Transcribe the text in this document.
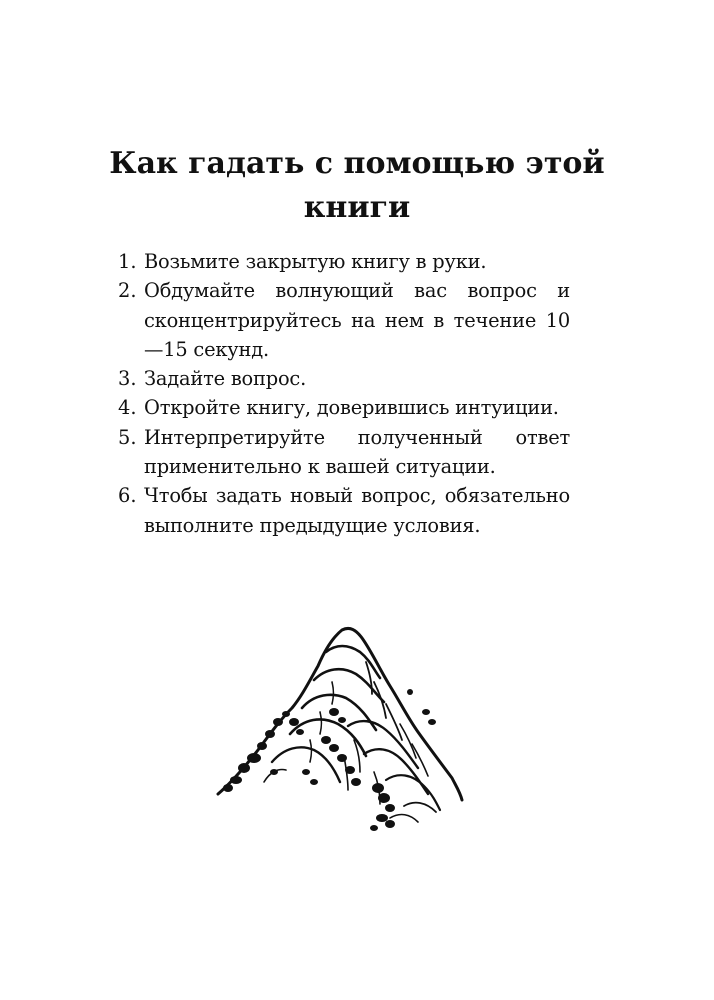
Как гадать с помощью этой книги
1. Возьмите закрытую книгу в руки.
2. Обдумайте волнующий вас вопрос и сконцентрируйтесь на нем в течение 10—15 секунд.
3. Задайте вопрос.
4. Откройте книгу, доверившись интуиции.
5. Интерпретируйте полученный ответ применительно к вашей ситуации.
6. Чтобы задать новый вопрос, обязательно выполните предыдущие условия.
